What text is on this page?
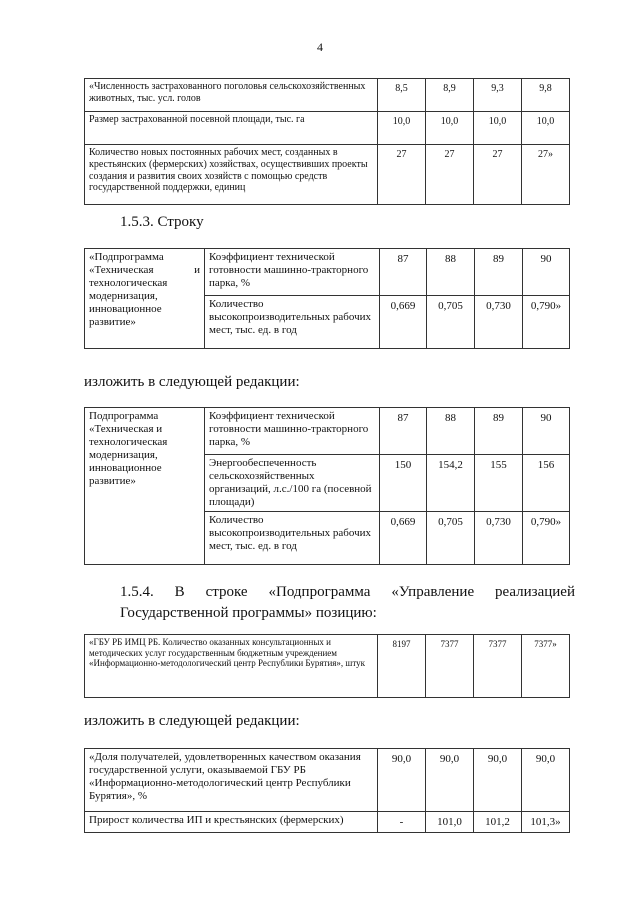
4
«Численность застрахованного поголовья сельскохозяйственных животных, тыс. усл. голов	8,5	8,9	9,3	9,8
Размер застрахованной посевной площади, тыс. га	10,0	10,0	10,0	10,0
Количество новых постоянных рабочих мест, созданных в крестьянских (фермерских) хозяйствах, осуществивших проекты создания и развития своих хозяйств с помощью средств государственной поддержки, единиц	27	27	27	27»
1.5.3. Строку
«Подпрограмма «Техническая и технологическая модернизация, инновационное развитие»	Коэффициент технической готовности машинно-тракторного парка, %	87	88	89	90
	Количество высокопроизводительных рабочих мест, тыс. ед. в год	0,669	0,705	0,730	0,790»
изложить в следующей редакции:
Подпрограмма «Техническая и технологическая модернизация, инновационное развитие»	Коэффициент технической готовности машинно-тракторного парка, %	87	88	89	90
	Энергообеспеченность сельскохозяйственных организаций, л.с./100 га (посевной площади)	150	154,2	155	156
	Количество высокопроизводительных рабочих мест, тыс. ед. в год	0,669	0,705	0,730	0,790»
1.5.4. В строке «Подпрограмма «Управление реализацией Государственной программы» позицию:
«ГБУ РБ ИМЦ РБ. Количество оказанных консультационных и методических услуг государственным бюджетным учреждением «Информационно-методологический центр Республики Бурятия», штук	8197	7377	7377	7377»
изложить в следующей редакции:
«Доля получателей, удовлетворенных качеством оказания государственной услуги, оказываемой ГБУ РБ «Информационно-методологический центр Республики Бурятия», %	90,0	90,0	90,0	90,0
Прирост количества ИП и крестьянских (фермерских)	-	101,0	101,2	101,3»
